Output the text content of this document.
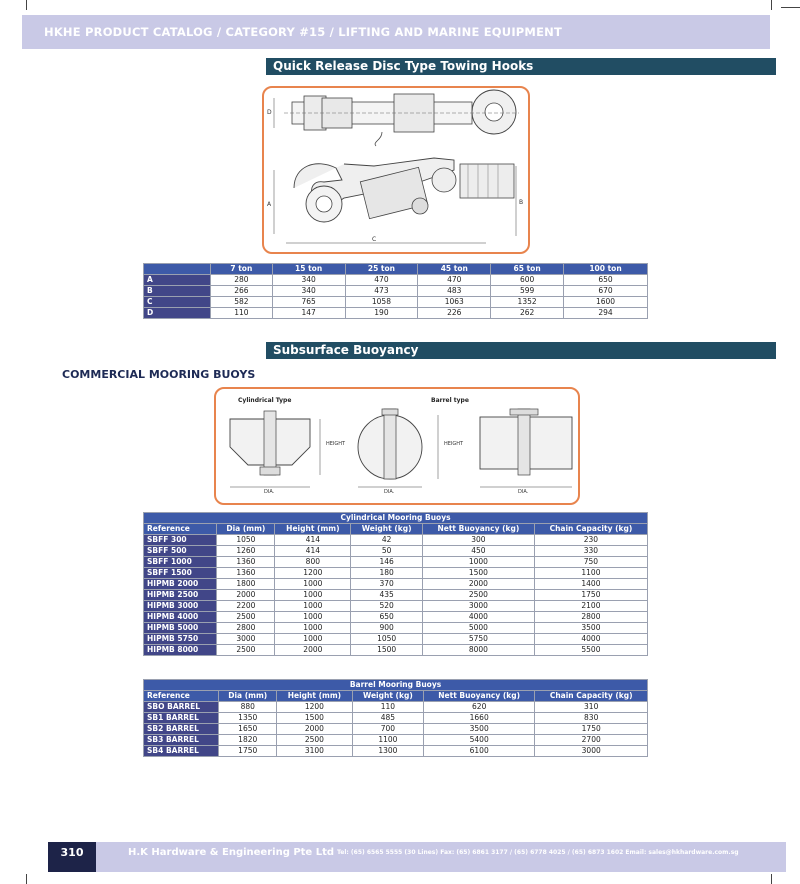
HKHE PRODUCT CATALOG / CATEGORY #15 / LIFTING AND MARINE EQUIPMENT
Quick Release Disc Type Towing Hooks
D
A	B
C
	7 ton	15 ton	25 ton	45 ton	65 ton	100 ton
A	280	340	470	470	600	650
B	266	340	473	483	599	670
C	582	765	1058	1063	1352	1600
D	110	147	190	226	262	294
Subsurface Buoyancy
COMMERCIAL MOORING BUOYS
Cylindrical Type	Barrel type
DIA.
HEIGHT
DIA.
HEIGHT
DIA.
Cylindrical Mooring Buoys					
Reference	Dia (mm)	Height (mm)	Weight (kg)	Nett Buoyancy (kg)	Chain Capacity (kg)
SBFF 300	1050	414	42	300	230
SBFF 500	1260	414	50	450	330
SBFF 1000	1360	800	146	1000	750
SBFF 1500	1360	1200	180	1500	1100
HIPMB 2000	1800	1000	370	2000	1400
HIPMB 2500	2000	1000	435	2500	1750
HIPMB 3000	2200	1000	520	3000	2100
HIPMB 4000	2500	1000	650	4000	2800
HIPMB 5000	2800	1000	900	5000	3500
HIPMB 5750	3000	1000	1050	5750	4000
HIPMB 8000	2500	2000	1500	8000	5500
Barrel Mooring Buoys					
Reference	Dia (mm)	Height (mm)	Weight (kg)	Nett Buoyancy (kg)	Chain Capacity (kg)
SBO BARREL	880	1200	110	620	310
SB1 BARREL	1350	1500	485	1660	830
SB2 BARREL	1650	2000	700	3500	1750
SB3 BARREL	1820	2500	1100	5400	2700
SB4 BARREL	1750	3100	1300	6100	3000
310	H.K Hardware & Engineering Pte Ltd Tel: (65) 6565 5555 (30 Lines) Fax: (65) 6861 3177 / (65) 6778 4025 / (65) 6873 1602 Email: sales@hkhardware.com.sg
